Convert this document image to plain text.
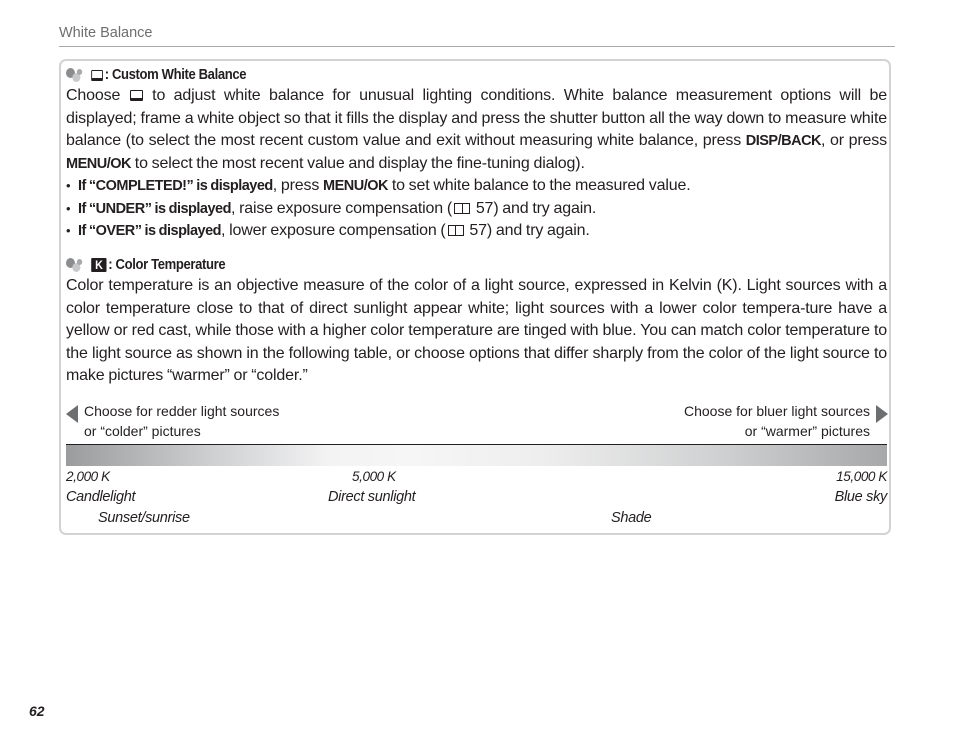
White Balance
: Custom White Balance

Choose  to adjust white balance for unusual lighting conditions. White balance measurement options will be displayed; frame a white object so that it fills the display and press the shutter button all the way down to measure white balance (to select the most recent custom value and exit without measuring white balance, press DISP/BACK, or press MENU/OK to select the most recent value and display the fine-tuning dialog).

• If “COMPLETED!” is displayed, press MENU/OK to set white balance to the measured value.

• If “UNDER” is displayed, raise exposure compensation ( 57) and try again.

• If “OVER” is displayed, lower exposure compensation ( 57) and try again.

K : Color Temperature

Color temperature is an objective measure of the color of a light source, expressed in Kelvin (K). Light sources with a color temperature close to that of direct sunlight appear white; light sources with a lower color tempera-ture have a yellow or red cast, while those with a higher color temperature are tinged with blue. You can match color temperature to the light source as shown in the following table, or choose options that differ sharply from the color of the light source to make pictures “warmer” or “colder.”

Choose for redder light sources
or “colder” pictures
Choose for bluer light sources
or “warmer” pictures
2,000 K	5,000 K	15,000 K
Candlelight	Direct sunlight	Blue sky
Sunset/sunrise	Shade
62
